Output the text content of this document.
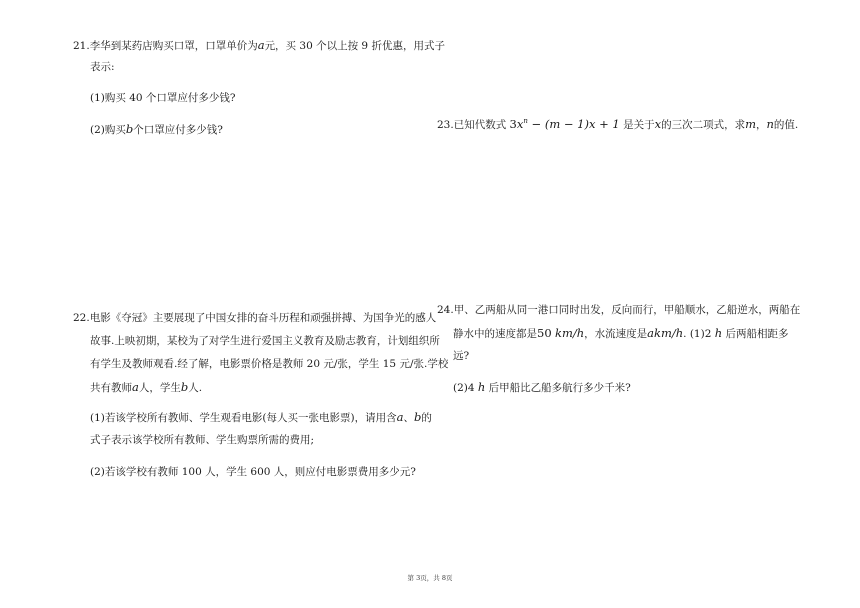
21.李华到某药店购买口罩，口罩单价为a元，买 30 个以上按 9 折优惠，用式子
表示:
(1)购买 40 个口罩应付多少钱?
(2)购买b个口罩应付多少钱?	23.已知代数式 $3x^n - (m - 1)x + 1$ 是关于x的三次二项式，求m，n的值.
22.电影《夺冠》主要展现了中国女排的奋斗历程和顽强拼搏、为国争光的感人
故事.上映初期，某校为了对学生进行爱国主义教育及励志教育，计划组织所
有学生及教师观看.经了解，电影票价格是教师 20 元/张，学生 15 元/张.学校
共有教师a人，学生b人.
(1)若该学校所有教师、学生观看电影(每人买一张电影票)，请用含a、b的
式子表示该学校所有教师、学生购票所需的费用;
(2)若该学校有教师 100 人，学生 600 人，则应付电影票费用多少元?
24.甲、乙两船从同一港口同时出发，反向而行，甲船顺水，乙船逆水，两船在
静水中的速度都是50 km/h，水流速度是akm/h. (1)2 h 后两船相距多
远?
(2)4 h 后甲船比乙船多航行多少千米?
第 3页，共 8页
